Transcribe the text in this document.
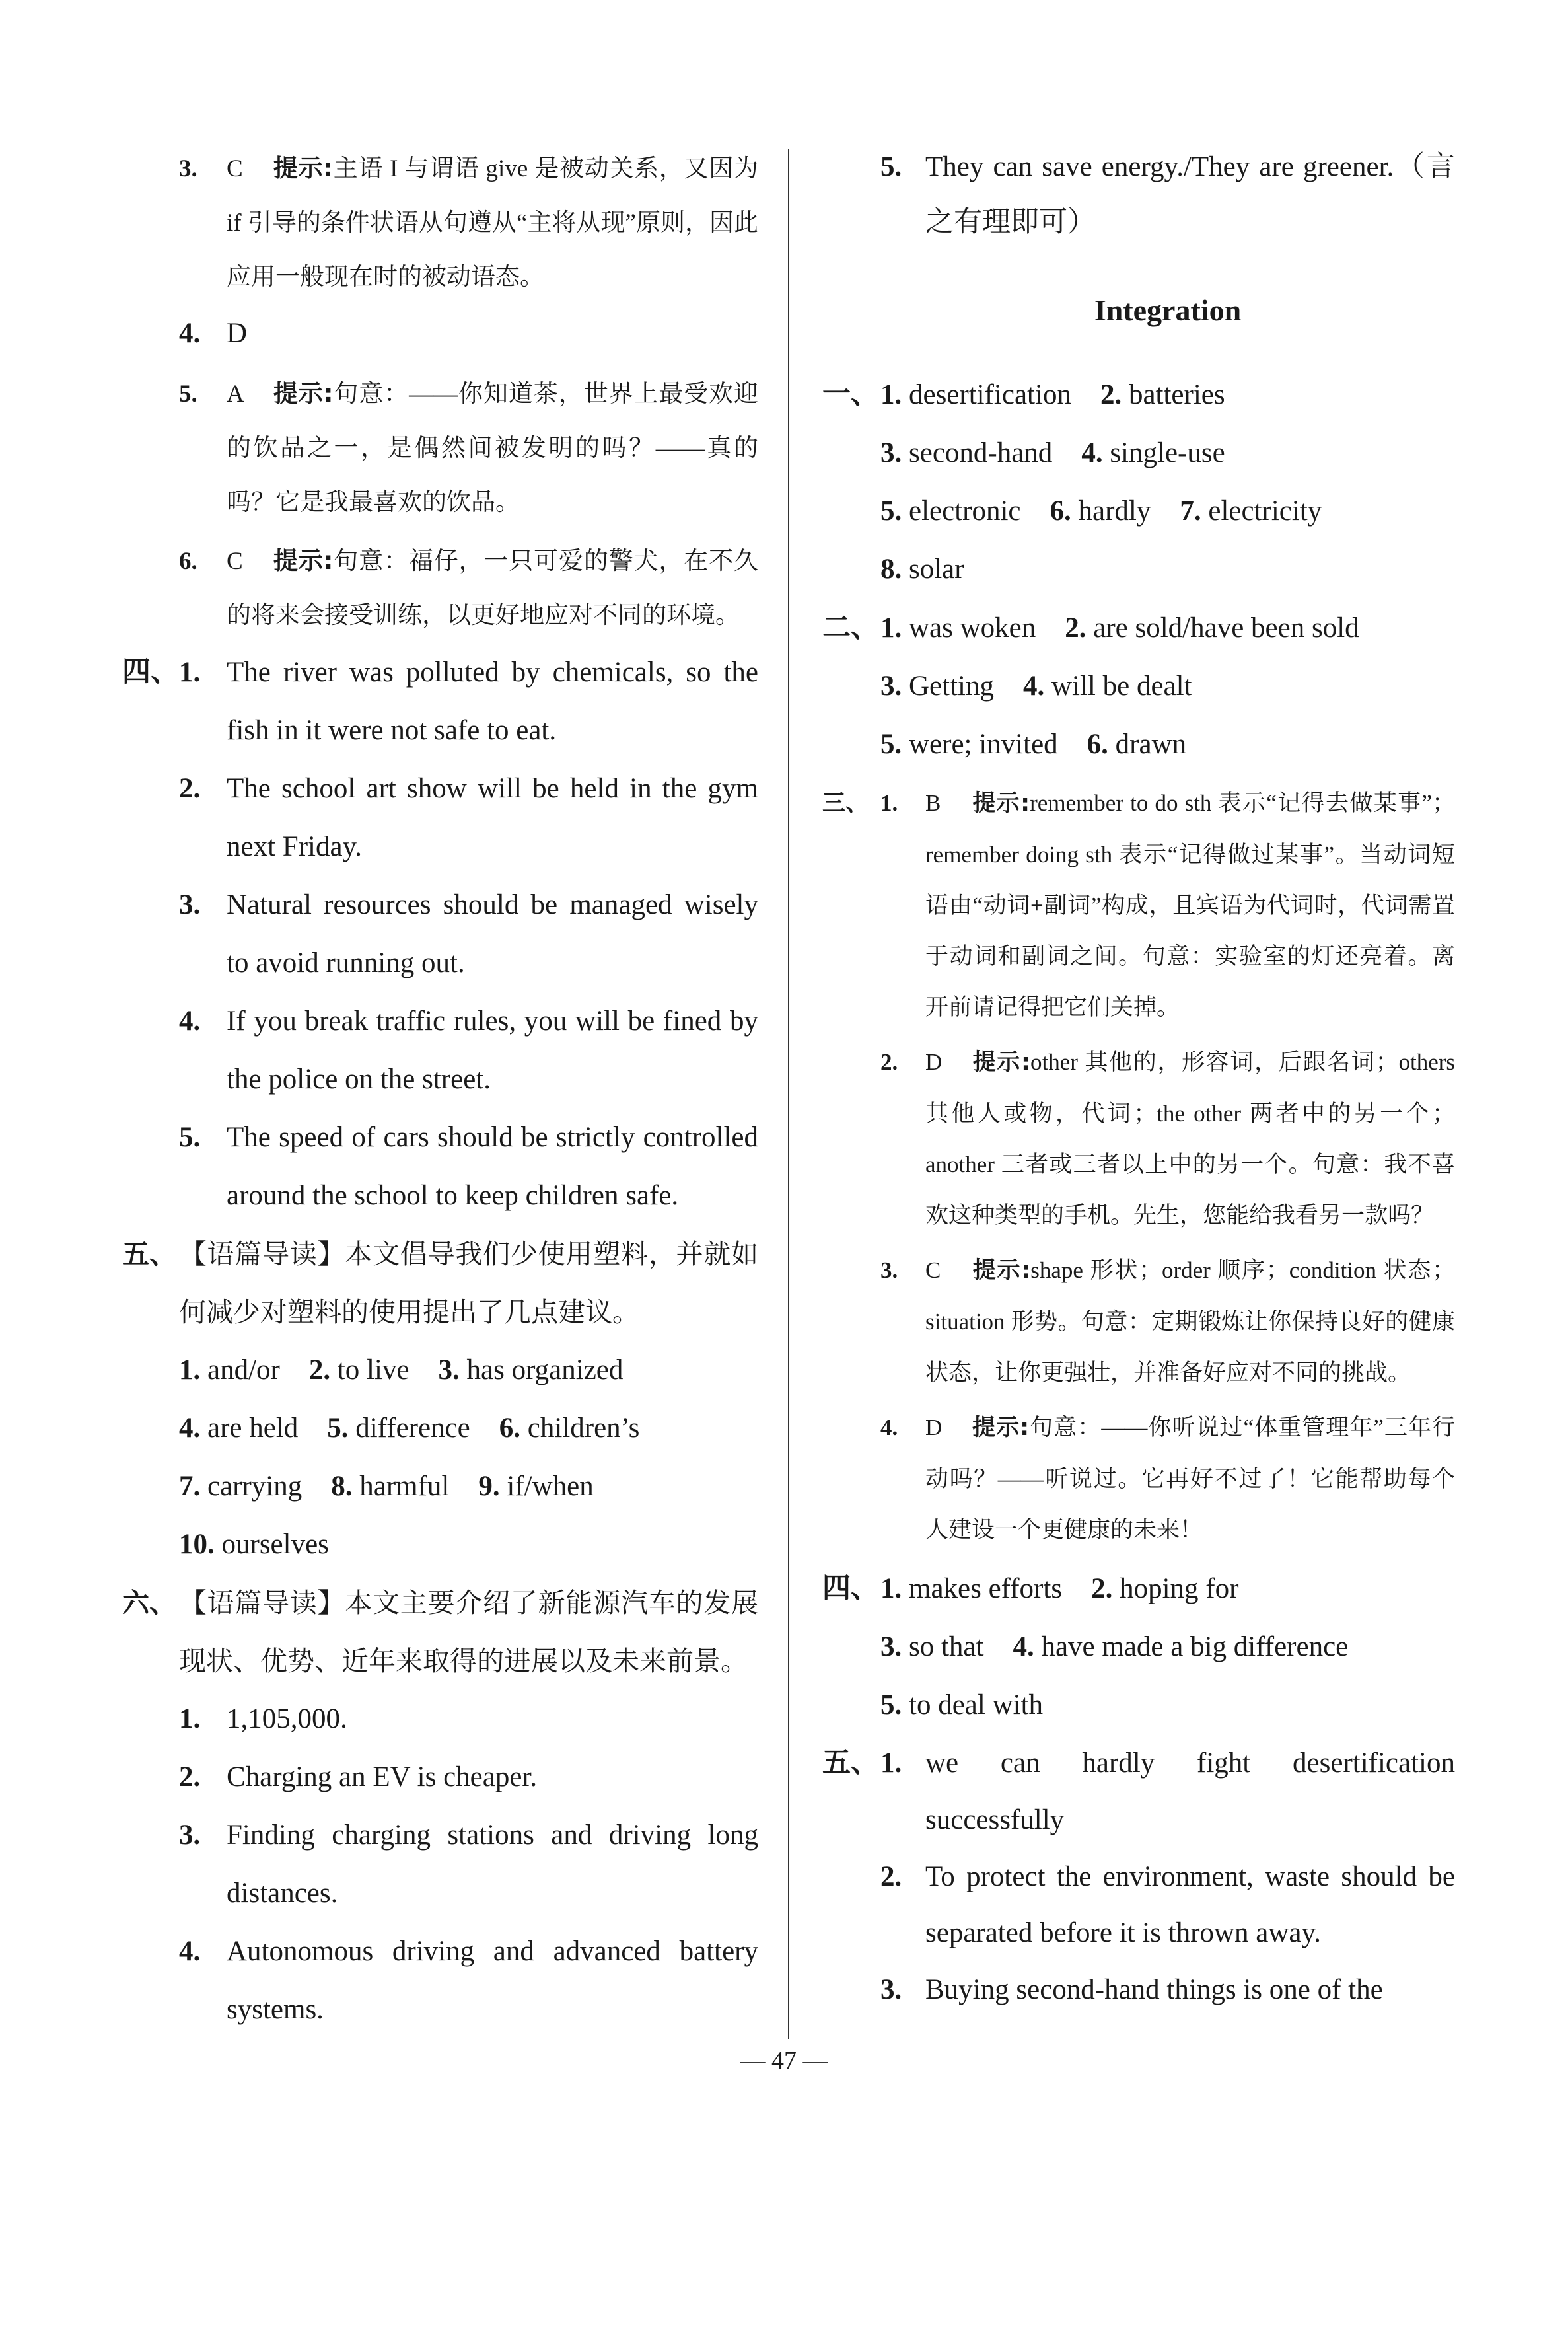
3. C 提示:主语 I 与谓语 give 是被动关系，又因为 if 引导的条件状语从句遵从“主将从现”原则，因此应用一般现在时的被动语态。
4. D
5. A 提示:句意：——你知道茶，世界上最受欢迎的饮品之一，是偶然间被发明的吗？——真的吗？它是我最喜欢的饮品。
6. C 提示:句意：福仔，一只可爱的警犬，在不久的将来会接受训练，以更好地应对不同的环境。
四、1. The river was polluted by chemicals, so the fish in it were not safe to eat.
2. The school art show will be held in the gym next Friday.
3. Natural resources should be managed wisely to avoid running out.
4. If you break traffic rules, you will be fined by the police on the street.
5. The speed of cars should be strictly controlled around the school to keep children safe.
五、【语篇导读】本文倡导我们少使用塑料，并就如何减少对塑料的使用提出了几点建议。
1. and/or 2. to live 3. has organized
4. are held 5. difference 6. children’s
7. carrying 8. harmful 9. if/when
10. ourselves
六、【语篇导读】本文主要介绍了新能源汽车的发展现状、优势、近年来取得的进展以及未来前景。
1. 1,105,000.
2. Charging an EV is cheaper.
3. Finding charging stations and driving long distances.
4. Autonomous driving and advanced battery systems.
5. They can save energy./They are greener.（言之有理即可）
Integration
一、1. desertification 2. batteries
3. second-hand 4. single-use
5. electronic 6. hardly 7. electricity
8. solar
二、1. was woken 2. are sold/have been sold
3. Getting 4. will be dealt
5. were; invited 6. drawn
三、 1. B 提示:remember to do sth 表示“记得去做某事”；remember doing sth 表示“记得做过某事”。当动词短语由“动词+副词”构成，且宾语为代词时，代词需置于动词和副词之间。句意：实验室的灯还亮着。离开前请记得把它们关掉。
2. D 提示:other 其他的，形容词，后跟名词；others 其他人或物，代词；the other 两者中的另一个；another 三者或三者以上中的另一个。句意：我不喜欢这种类型的手机。先生，您能给我看另一款吗？
3. C 提示:shape 形状；order 顺序；condition 状态；situation 形势。句意：定期锻炼让你保持良好的健康状态，让你更强壮，并准备好应对不同的挑战。
4. D 提示:句意：——你听说过“体重管理年”三年行动吗？——听说过。它再好不过了！它能帮助每个人建设一个更健康的未来！
四、1. makes efforts 2. hoping for
3. so that 4. have made a big difference
5. to deal with
五、1. we can hardly fight desertification successfully
2. To protect the environment, waste should be separated before it is thrown away.
3. Buying second-hand things is one of the
— 47 —
